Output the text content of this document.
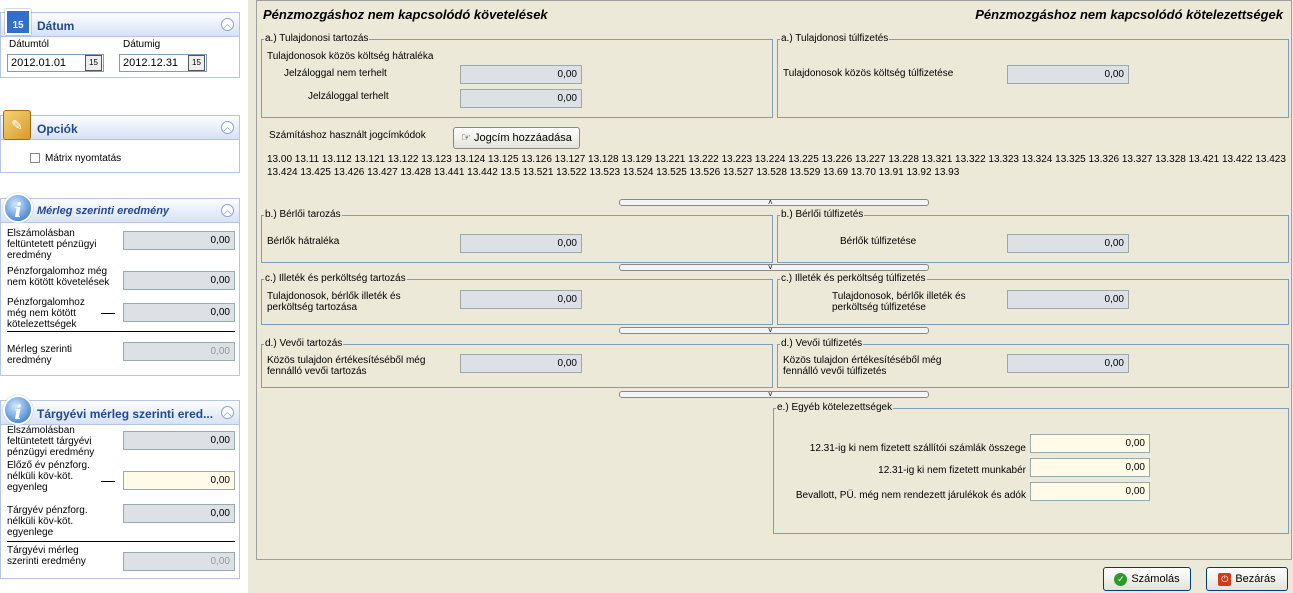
15	Dátum	︿
Dátumtól	Dátumig
2012.01.01	15	2012.12.31	15
✎	Opciók	︿
Mátrix nyomtatás
i	Mérleg szerinti eredmény	︿
Elszámolásban feltüntetett pénzügyi eredmény
0,00
Pénzforgalomhoz még nem kötött követelések	0,00
Pénzforgalomhoz még nem kötött kötelezettségek
0,00
Mérleg szerinti eredmény
0,00
i	Tárgyévi mérleg szerinti ered...	︿
Elszámolásban feltüntetett tárgyévi pénzügyi eredmény
0,00
Előző év pénzforg. nélküli köv-köt. egyenleg
0,00
Tárgyév pénzforg. nélküli köv-köt. egyenlege
0,00
Tárgyévi mérleg szerinti eredmény	0,00
Pénzmozgáshoz nem kapcsolódó követelések	Pénzmozgáshoz nem kapcsolódó kötelezettségek
a.) Tulajdonosi tartozás
Tulajdonosok közös költség hátraléka
Jelzáloggal nem terhelt	0,00
Jelzáloggal terhelt	0,00
a.) Tulajdonosi túlfizetés
Tulajdonosok közös költség túlfizetése	0,00
Számításhoz használt jogcímkódok	☞ Jogcím hozzáadása
13.00 13.11 13.112 13.121 13.122 13.123 13.124 13.125 13.126 13.127 13.128 13.129 13.221 13.222 13.223 13.224 13.225 13.226 13.227 13.228 13.321 13.322 13.323 13.324 13.325 13.326 13.327 13.328 13.421 13.422 13.423 13.424 13.425 13.426 13.427 13.428 13.441 13.442 13.5 13.521 13.522 13.523 13.524 13.525 13.526 13.527 13.528 13.529 13.69 13.70 13.91 13.92 13.93
˄
b.) Bérlői tarozás
Bérlők hátraléka	0,00
b.) Bérlői túlfizetés
Bérlők túlfizetése	0,00
˅
c.) Illeték és perköltség tartozás
Tulajdonosok, bérlők illeték és perköltség tartozása
0,00
c.) Illeték és perköltség túlfizetés
Tulajdonosok, bérlők illeték és perköltség túlfizetése
0,00
˅
d.) Vevői tartozás
Közös tulajdon értékesítéséből még fennálló vevői tartozás
0,00
d.) Vevői túlfizetés
Közös tulajdon értékesítéséből még fennálló vevői túlfizetés
0,00
˅
e.) Egyéb kötelezettségek
12.31-ig ki nem fizetett szállítói számlák összege	0,00
12.31-ig ki nem fizetett munkabér	0,00
Bevallott, PÜ. még nem rendezett járulékok és adók	0,00
✓ Számolás	⏻ Bezárás
